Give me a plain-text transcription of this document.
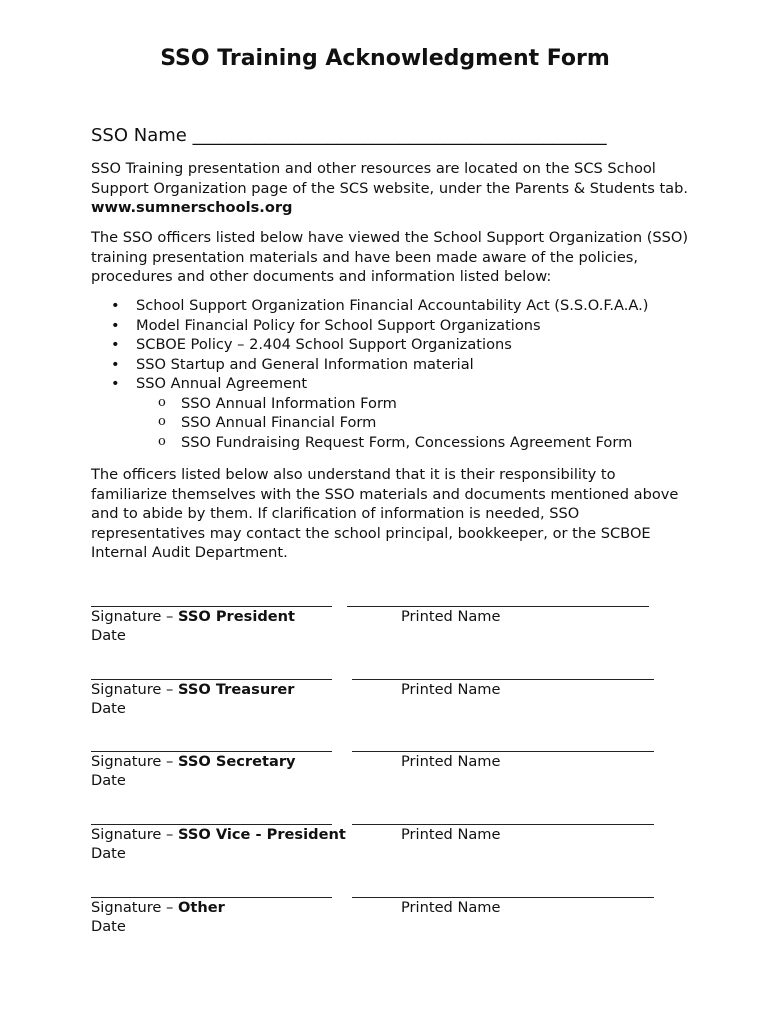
SSO Training Acknowledgment Form
SSO Name ______________________________________________
SSO Training presentation and other resources are located on the SCS School Support Organization page of the SCS website, under the Parents & Students tab. www.sumnerschools.org
The SSO officers listed below have viewed the School Support Organization (SSO) training presentation materials and have been made aware of the policies, procedures and other documents and information listed below:
• School Support Organization Financial Accountability Act (S.S.O.F.A.A.)
• Model Financial Policy for School Support Organizations
• SCBOE Policy – 2.404 School Support Organizations
• SSO Startup and General Information material
• SSO Annual Agreement
o SSO Annual Information Form
o SSO Annual Financial Form
o SSO Fundraising Request Form, Concessions Agreement Form
The officers listed below also understand that it is their responsibility to familiarize themselves with the SSO materials and documents mentioned above and to abide by them. If clarification of information is needed, SSO representatives may contact the school principal, bookkeeper, or the SCBOE Internal Audit Department.
Signature – SSO President	Printed Name
Date
Signature – SSO Treasurer	Printed Name
Date
Signature – SSO Secretary	Printed Name
Date
Signature – SSO Vice - President	Printed Name
Date
Signature – Other	Printed Name
Date
